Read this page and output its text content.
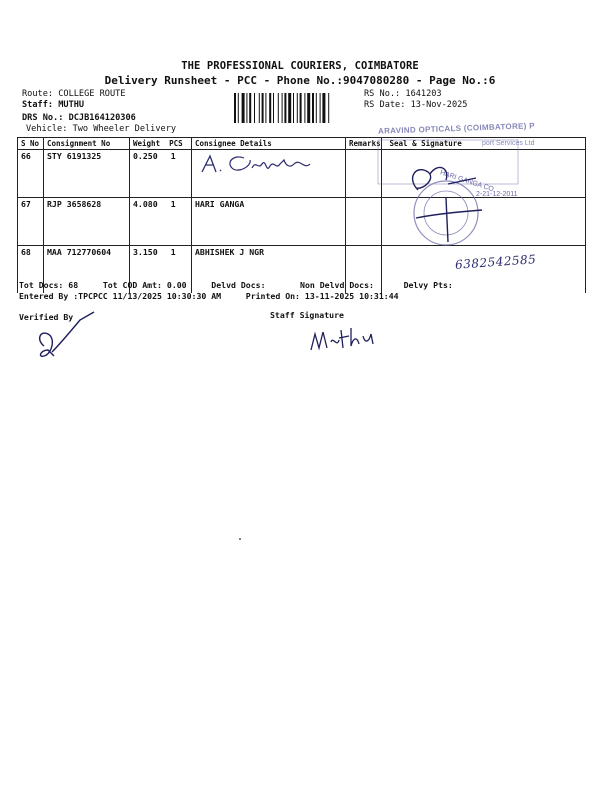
THE PROFESSIONAL COURIERS, COIMBATORE
Delivery Runsheet - PCC - Phone No.:9047080280 - Page No.:6
Route: COLLEGE ROUTE
Staff: MUTHU
DRS No.: DCJB164120306
Vehicle: Two Wheeler Delivery
RS No.: 1641203
RS Date: 13-Nov-2025
ARAVIND OPTICALS (COIMBATORE) P
port Services Ltd
S No	Consignment No	Weight PCS	Consignee Details	Remarks	Seal & Signature
66	STY 6191325	0.250 1	

67	RJP 3658628	4.080 1	HARI GANGA		
68	MAA 712770604	3.150 1	ABHISHEK J NGR		
2-21-12-2011
HARI GANGA CO
6382542585
Tot Docs: 68	Tot COD Amt: 0.00	Delvd Docs:	Non Delvd Docs:	Delvy Pts:
Entered By :TPCPCC 11/13/2025 10:30:30 AM	Printed On: 13-11-2025 10:31:44
Verified By	Staff Signature
